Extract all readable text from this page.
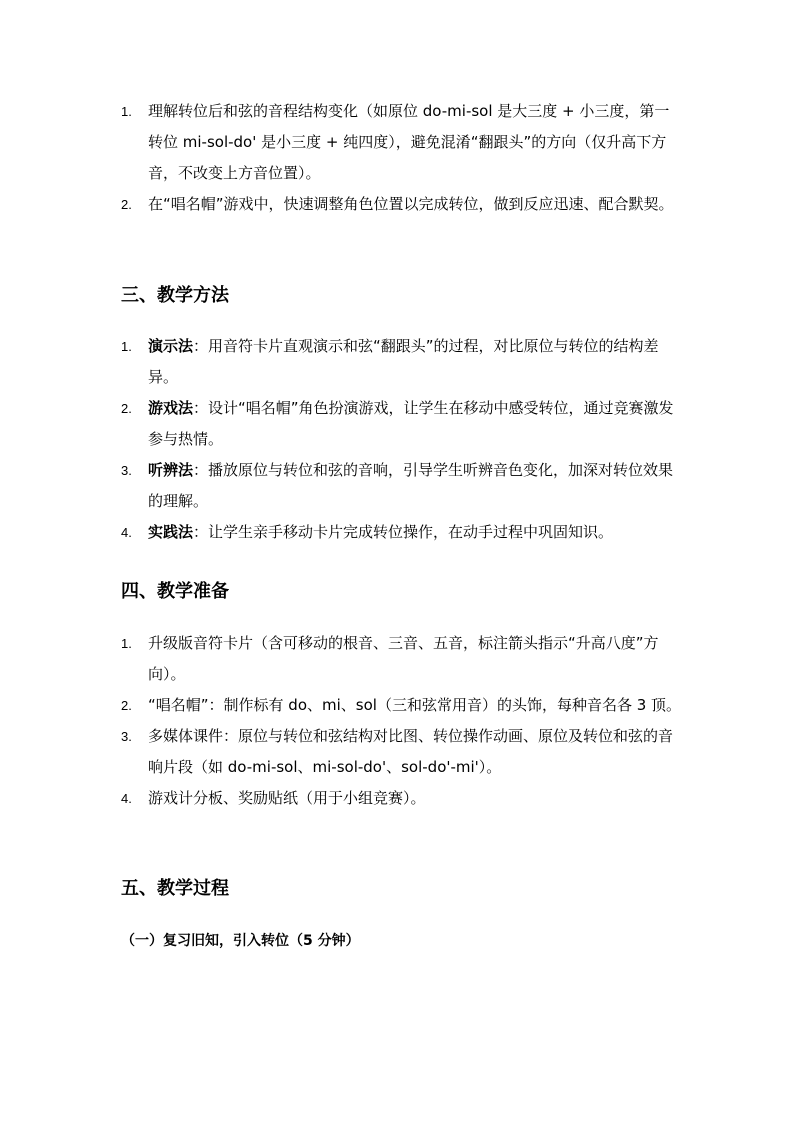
1. 理解转位后和弦的音程结构变化（如原位 do-mi-sol 是大三度 + 小三度，第一转位 mi-sol-do' 是小三度 + 纯四度），避免混淆“翻跟头”的方向（仅升高下方音，不改变上方音位置）。
2. 在“唱名帽”游戏中，快速调整角色位置以完成转位，做到反应迅速、配合默契。
三、教学方法
1. 演示法：用音符卡片直观演示和弦“翻跟头”的过程，对比原位与转位的结构差异。
2. 游戏法：设计“唱名帽”角色扮演游戏，让学生在移动中感受转位，通过竞赛激发参与热情。
3. 听辨法：播放原位与转位和弦的音响，引导学生听辨音色变化，加深对转位效果的理解。
4. 实践法：让学生亲手移动卡片完成转位操作，在动手过程中巩固知识。
四、教学准备
1. 升级版音符卡片（含可移动的根音、三音、五音，标注箭头指示“升高八度”方向）。
2. “唱名帽”：制作标有 do、mi、sol（三和弦常用音）的头饰，每种音名各 3 顶。
3. 多媒体课件：原位与转位和弦结构对比图、转位操作动画、原位及转位和弦的音响片段（如 do-mi-sol、mi-sol-do'、sol-do'-mi'）。
4. 游戏计分板、奖励贴纸（用于小组竞赛）。
五、教学过程
（一）复习旧知，引入转位（5 分钟）
